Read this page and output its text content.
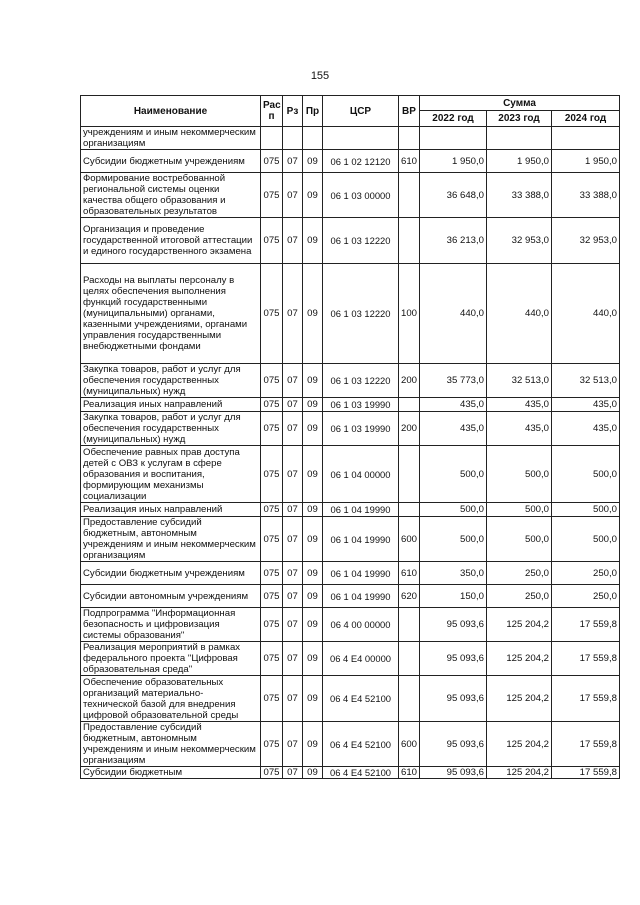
155
Наименование	Рас п	Рз	Пр	ЦСР	ВР	Сумма		
						2022 год	2023 год	2024 год
учреждениям и иным некоммерческим организациям								
Субсидии бюджетным учреждениям	075	07	09	06 1 02 12120	610	1 950,0	1 950,0	1 950,0
Формирование востребованной региональной системы оценки качества общего образования и образовательных результатов	075	07	09	06 1 03 00000		36 648,0	33 388,0	33 388,0
Организация и проведение государственной итоговой аттестации и единого государственного экзамена	075	07	09	06 1 03 12220		36 213,0	32 953,0	32 953,0
Расходы на выплаты персоналу в целях обеспечения выполнения функций государственными (муниципальными) органами, казенными учреждениями, органами управления государственными внебюджетными фондами	075	07	09	06 1 03 12220	100	440,0	440,0	440,0
Закупка товаров, работ и услуг для обеспечения государственных (муниципальных) нужд	075	07	09	06 1 03 12220	200	35 773,0	32 513,0	32 513,0
Реализация иных направлений	075	07	09	06 1 03 19990		435,0	435,0	435,0
Закупка товаров, работ и услуг для обеспечения государственных (муниципальных) нужд	075	07	09	06 1 03 19990	200	435,0	435,0	435,0
Обеспечение равных прав доступа детей с ОВЗ к услугам в сфере образования и воспитания, формирующим механизмы социализации	075	07	09	06 1 04 00000		500,0	500,0	500,0
Реализация иных направлений	075	07	09	06 1 04 19990		500,0	500,0	500,0
Предоставление субсидий бюджетным, автономным учреждениям и иным некоммерческим организациям	075	07	09	06 1 04 19990	600	500,0	500,0	500,0
Субсидии бюджетным учреждениям	075	07	09	06 1 04 19990	610	350,0	250,0	250,0
Субсидии автономным учреждениям	075	07	09	06 1 04 19990	620	150,0	250,0	250,0
Подпрограмма "Информационная безопасность и цифровизация системы образования"	075	07	09	06 4 00 00000		95 093,6	125 204,2	17 559,8
Реализация мероприятий в рамках федерального проекта "Цифровая образовательная среда"	075	07	09	06 4 E4 00000		95 093,6	125 204,2	17 559,8
Обеспечение образовательных организаций материально-технической базой для внедрения цифровой образовательной среды	075	07	09	06 4 E4 52100		95 093,6	125 204,2	17 559,8
Предоставление субсидий бюджетным, автономным учреждениям и иным некоммерческим организациям	075	07	09	06 4 E4 52100	600	95 093,6	125 204,2	17 559,8
Субсидии бюджетным	075	07	09	06 4 E4 52100	610	95 093,6	125 204,2	17 559,8
